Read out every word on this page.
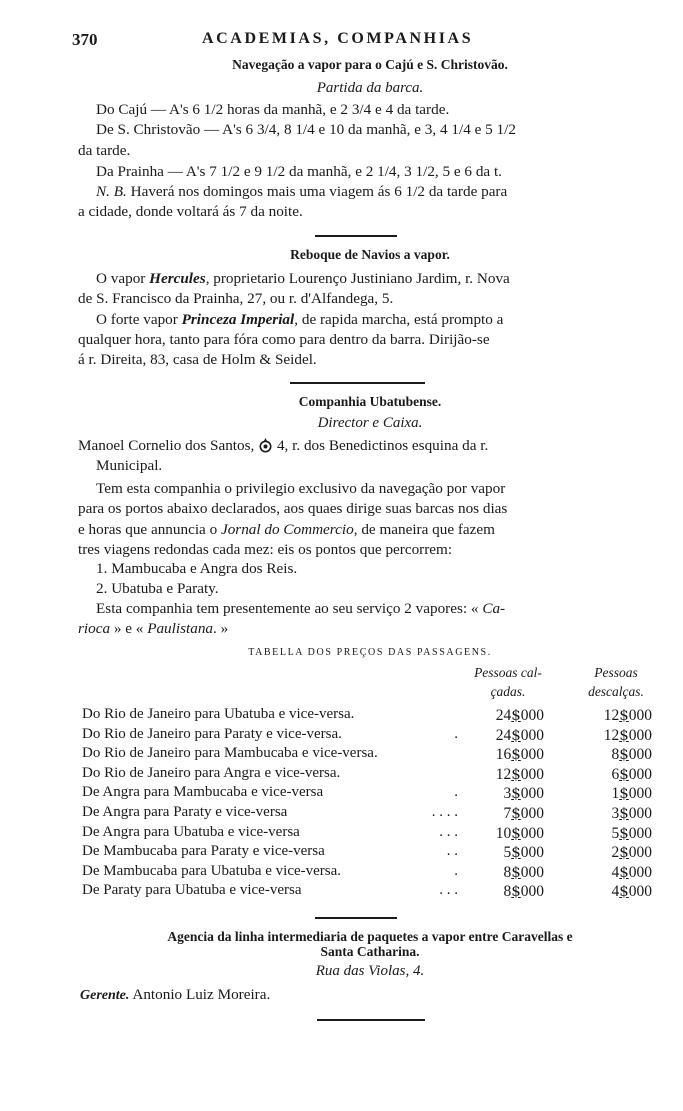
370	ACADEMIAS, COMPANHIAS
Navegação a vapor para o Cajú e S. Christovão.
Partida da barca.
Do Cajú — A's 6 1/2 horas da manhã, e 2 3/4 e 4 da tarde.
De S. Christovão — A's 6 3/4, 8 1/4 e 10 da manhã, e 3, 4 1/4 e 5 1/2
da tarde.
Da Prainha — A's 7 1/2 e 9 1/2 da manhã, e 2 1/4, 3 1/2, 5 e 6 da t.
N. B. Haverá nos domingos mais uma viagem ás 6 1/2 da tarde para
a cidade, donde voltará ás 7 da noite.
Reboque de Navios a vapor.
O vapor Hercules, proprietario Lourenço Justiniano Jardim, r. Nova
de S. Francisco da Prainha, 27, ou r. d'Alfandega, 5.
O forte vapor Princeza Imperial, de rapida marcha, está prompto a
qualquer hora, tanto para fóra como para dentro da barra. Dirijão-se
á r. Direita, 83, casa de Holm & Seidel.
Companhia Ubatubense.
Director e Caixa.
Manoel Cornelio dos Santos,  4, r. dos Benedictinos esquina da r.
Municipal.
Tem esta companhia o privilegio exclusivo da navegação por vapor
para os portos abaixo declarados, aos quaes dirige suas barcas nos dias
e horas que annuncia o Jornal do Commercio, de maneira que fazem
tres viagens redondas cada mez: eis os pontos que percorrem:
1. Mambucaba e Angra dos Reis.
2. Ubatuba e Paraty.
Esta companhia tem presentemente ao seu serviço 2 vapores: « Ca-
rioca » e « Paulistana. »
TABELLA DOS PREÇOS DAS PASSAGENS.
Pessoas cal-
çadas.
Pessoas
descalças.
Do Rio de Janeiro para Ubatuba e vice-versa.	24$000	12$000
Do Rio de Janeiro para Paraty e vice-versa.	.	24$000	12$000
Do Rio de Janeiro para Mambucaba e vice-versa.	16$000	8$000
Do Rio de Janeiro para Angra e vice-versa.	12$000	6$000
De Angra para Mambucaba e vice-versa	.	3$000	1$000
De Angra para Paraty e vice-versa	. . . .	7$000	3$000
De Angra para Ubatuba e vice-versa	. . .	10$000	5$000
De Mambucaba para Paraty e vice-versa	. .	5$000	2$000
De Mambucaba para Ubatuba e vice-versa.	.	8$000	4$000
De Paraty para Ubatuba e vice-versa	. . .	8$000	4$000
Agencia da linha intermediaria de paquetes a vapor entre Caravellas e
Santa Catharina.
Rua das Violas, 4.
Gerente. Antonio Luiz Moreira.
